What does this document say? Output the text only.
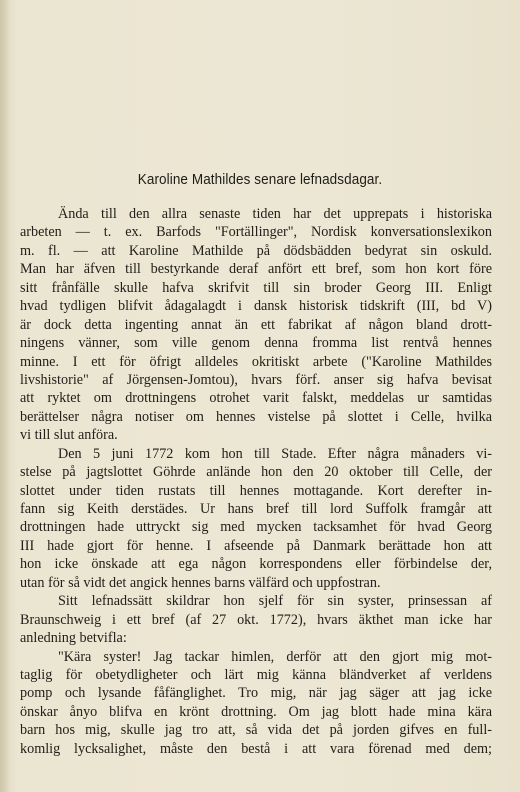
Karoline Mathildes senare lefnadsdagar.
Ända till den allra senaste tiden har det upprepats i historiska
arbeten — t. ex. Barfods "Fortällinger", Nordisk konversationslexikon
m. fl. — att Karoline Mathilde på dödsbädden bedyrat sin oskuld.
Man har äfven till bestyrkande deraf anfört ett bref, som hon kort före
sitt frånfälle skulle hafva skrifvit till sin broder Georg III. Enligt
hvad tydligen blifvit ådagalagdt i dansk historisk tidskrift (III, bd V)
är dock detta ingenting annat än ett fabrikat af någon bland drott-
ningens vänner, som ville genom denna fromma list rentvå hennes
minne. I ett för öfrigt alldeles okritiskt arbete ("Karoline Mathildes
livshistorie" af Jörgensen-Jomtou), hvars förf. anser sig hafva bevisat
att ryktet om drottningens otrohet varit falskt, meddelas ur samtidas
berättelser några notiser om hennes vistelse på slottet i Celle, hvilka
vi till slut anföra.
Den 5 juni 1772 kom hon till Stade. Efter några månaders vi-
stelse på jagtslottet Göhrde anlände hon den 20 oktober till Celle, der
slottet under tiden rustats till hennes mottagande. Kort derefter in-
fann sig Keith derstädes. Ur hans bref till lord Suffolk framgår att
drottningen hade uttryckt sig med mycken tacksamhet för hvad Georg
III hade gjort för henne. I afseende på Danmark berättade hon att
hon icke önskade att ega någon korrespondens eller förbindelse der,
utan för så vidt det angick hennes barns välfärd och uppfostran.
Sitt lefnadssätt skildrar hon sjelf för sin syster, prinsessan af
Braunschweig i ett bref (af 27 okt. 1772), hvars äkthet man icke har
anledning betvifla:
"Kära syster! Jag tackar himlen, derför att den gjort mig mot-
taglig för obetydligheter och lärt mig känna bländverket af verldens
pomp och lysande fåfänglighet. Tro mig, när jag säger att jag icke
önskar ånyo blifva en krönt drottning. Om jag blott hade mina kära
barn hos mig, skulle jag tro att, så vida det på jorden gifves en full-
komlig lycksalighet, måste den bestå i att vara förenad med dem;
